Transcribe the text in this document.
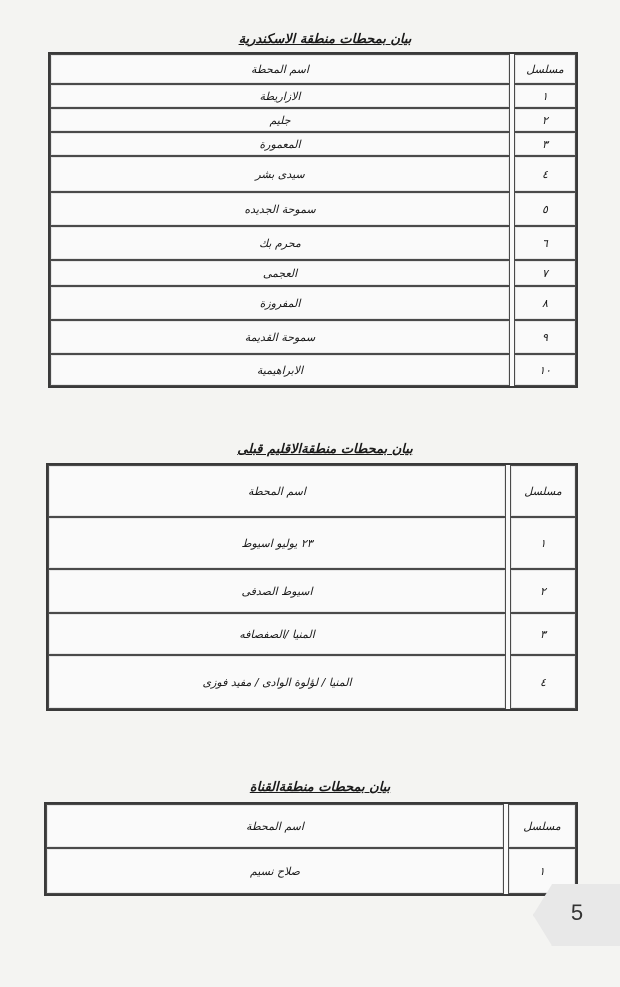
بيان بمحطات منطقة الاسكندرية
اسم المحطة		مسلسل
الازاريطة		١
جليم		٢
المعمورة		٣
سيدى بشر		٤
سموحة الجديده		٥
محرم بك		٦
العجمى		٧
المفروزة		٨
سموحة القديمة		٩
الابراهيمية		١٠
بيان بمحطات منطقةالاقليم قبلى
اسم المحطة		مسلسل
٢٣ يوليو اسيوط		١
اسيوط الصدفى		٢
المنيا /الصفصافه		٣
المنيا / لؤلوة الوادى / مفيد فوزى		٤
بيان بمحطات منطقةالقناة
اسم المحطة		مسلسل
صلاح نسيم		١
5
